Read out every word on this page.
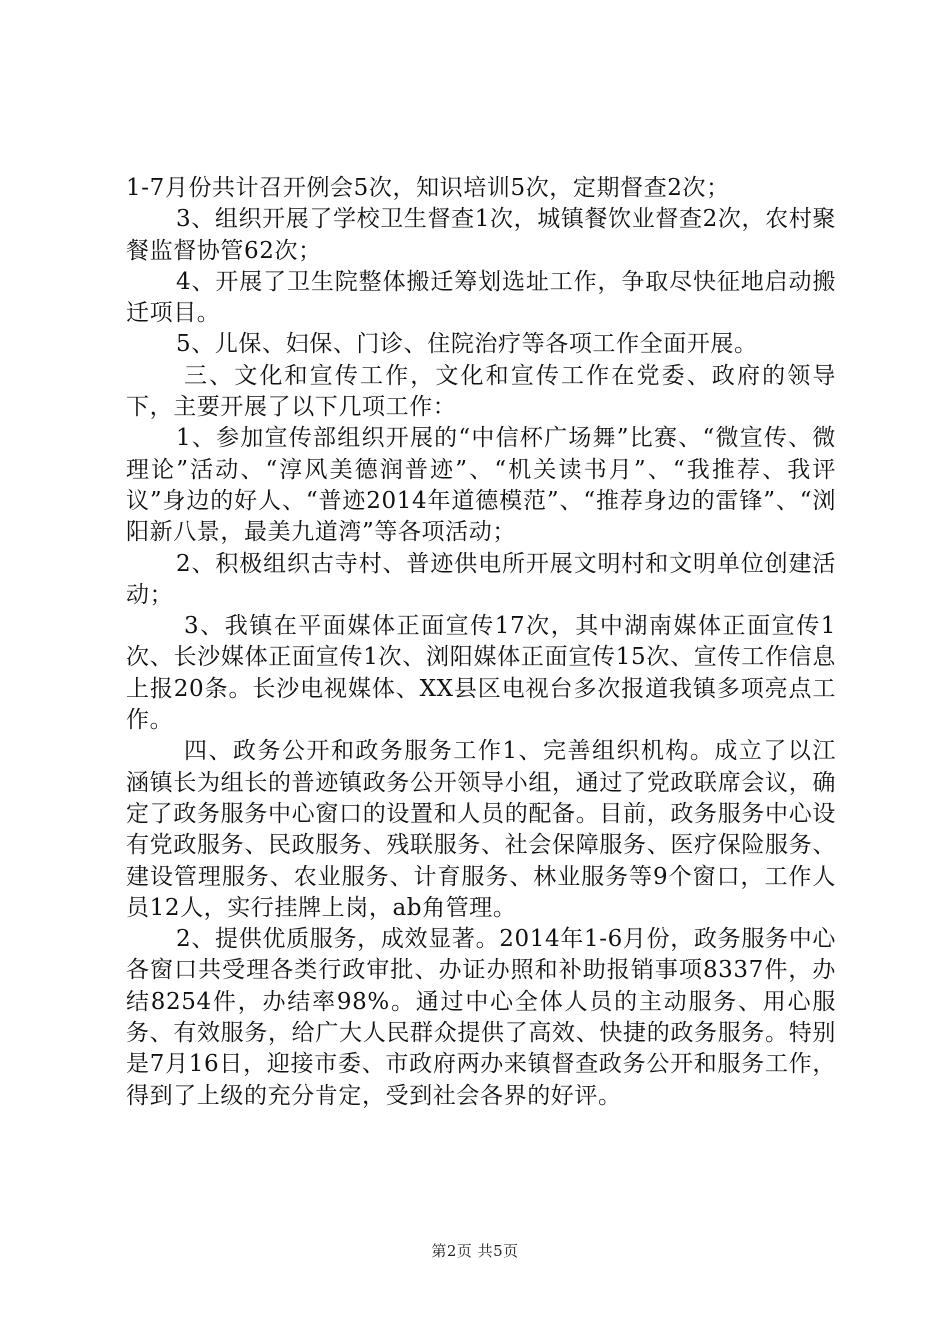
1-7月份共计召开例会5次，知识培训5次，定期督查2次；

3、组织开展了学校卫生督查1次，城镇餐饮业督查2次，农村聚餐监督协管62次；

4、开展了卫生院整体搬迁筹划选址工作，争取尽快征地启动搬迁项目。

5、儿保、妇保、门诊、住院治疗等各项工作全面开展。

三、文化和宣传工作，文化和宣传工作在党委、政府的领导下，主要开展了以下几项工作：

1、参加宣传部组织开展的“中信杯广场舞”比赛、“微宣传、微理论”活动、“淳风美德润普迹”、“机关读书月”、“我推荐、我评议”身边的好人、“普迹2014年道德模范”、“推荐身边的雷锋”、“浏阳新八景，最美九道湾”等各项活动；

2、积极组织古寺村、普迹供电所开展文明村和文明单位创建活动；

3、我镇在平面媒体正面宣传17次，其中湖南媒体正面宣传1次、长沙媒体正面宣传1次、浏阳媒体正面宣传15次、宣传工作信息上报20条。长沙电视媒体、XX县区电视台多次报道我镇多项亮点工作。

四、政务公开和政务服务工作1、完善组织机构。成立了以江涵镇长为组长的普迹镇政务公开领导小组，通过了党政联席会议，确定了政务服务中心窗口的设置和人员的配备。目前，政务服务中心设有党政服务、民政服务、残联服务、社会保障服务、医疗保险服务、建设管理服务、农业服务、计育服务、林业服务等9个窗口，工作人员12人，实行挂牌上岗，ab角管理。

2、提供优质服务，成效显著。2014年1-6月份，政务服务中心各窗口共受理各类行政审批、办证办照和补助报销事项8337件，办结8254件，办结率98%。通过中心全体人员的主动服务、用心服务、有效服务，给广大人民群众提供了高效、快捷的政务服务。特别是7月16日，迎接市委、市政府两办来镇督查政务公开和服务工作，得到了上级的充分肯定，受到社会各界的好评。

第2页 共5页
